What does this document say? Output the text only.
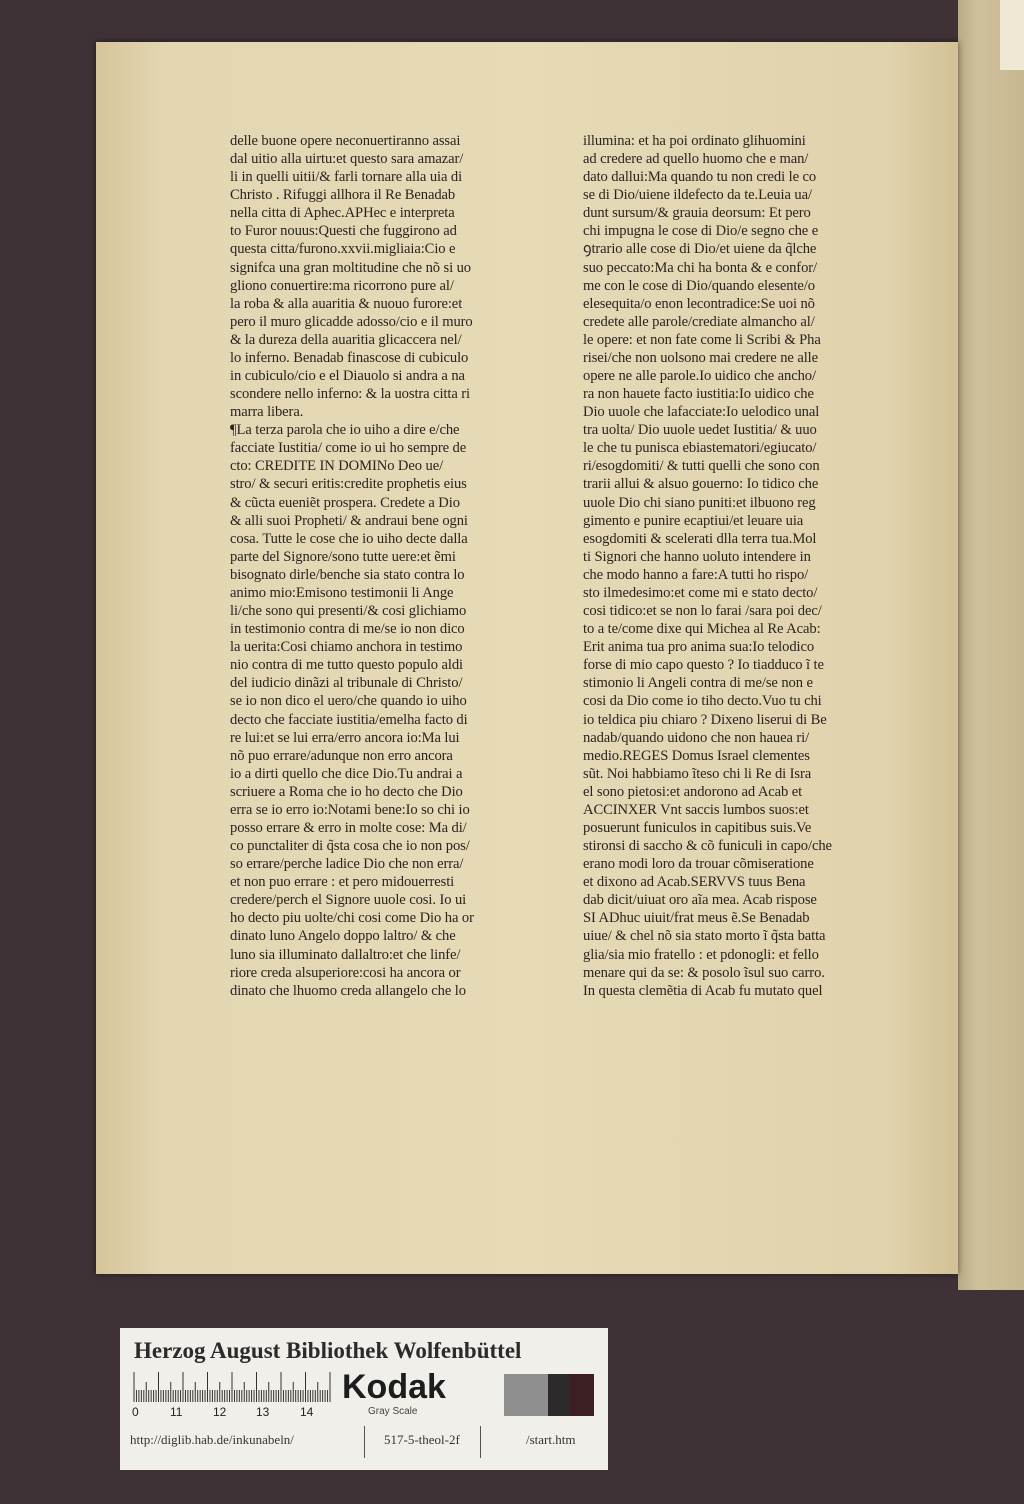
delle buone opere neconuertiranno assai
dal uitio alla uirtu:et questo sara amazar/
li in quelli uitii/& farli tornare alla uia di
Christo . Rifuggi allhora il Re Benadab
nella citta di Aphec.APHec e interpreta
to Furor nouus:Questi che fuggirono ad
questa citta/furono.xxvii.migliaia:Cio e
signifca una gran moltitudine che nõ si uo
gliono conuertire:ma ricorrono pure al/
la roba & alla auaritia & nuouo furore:et
pero il muro glicadde adosso/cio e il muro
& la dureza della auaritia glicaccera nel/
lo inferno. Benadab finascose di cubiculo
in cubiculo/cio e el Diauolo si andra a na
scondere nello inferno: & la uostra citta ri
marra libera.
¶La terza parola che io uiho a dire e/che
facciate Iustitia/ come io ui ho sempre de
cto: CREDITE IN DOMINo Deo ue/
stro/ & securi eritis:credite prophetis eius
& cũcta eueniẽt prospera. Credete a Dio
& alli suoi Propheti/ & andraui bene ogni
cosa. Tutte le cose che io uiho decte dalla
parte del Signore/sono tutte uere:et ẽmi
bisognato dirle/benche sia stato contra lo
animo mio:Emisono testimonii li Ange
li/che sono qui presenti/& cosi glichiamo
in testimonio contra di me/se io non dico
la uerita:Cosi chiamo anchora in testimo
nio contra di me tutto questo populo aldi
del iudicio dinãzi al tribunale di Christo/
se io non dico el uero/che quando io uiho
decto che facciate iustitia/emelha facto di
re lui:et se lui erra/erro ancora io:Ma lui
nõ puo errare/adunque non erro ancora
io a dirti quello che dice Dio.Tu andrai a
scriuere a Roma che io ho decto che Dio
erra se io erro io:Notami bene:Io so chi io
posso errare & erro in molte cose: Ma di/
co punctaliter di q̃sta cosa che io non pos/
so errare/perche ladice Dio che non erra/
et non puo errare : et pero midouerresti
credere/perch el Signore uuole cosi. Io ui
ho decto piu uolte/chi cosi come Dio ha or
dinato luno Angelo doppo laltro/ & che
luno sia illuminato dallaltro:et che linfe/
riore creda alsuperiore:cosi ha ancora or
dinato che lhuomo creda allangelo che lo
illumina: et ha poi ordinato glihuomini
ad credere ad quello huomo che e man/
dato dallui:Ma quando tu non credi le co
se di Dio/uiene ildefecto da te.Leuia ua/
dunt sursum/& grauia deorsum: Et pero
chi impugna le cose di Dio/e segno che e
ꝯtrario alle cose di Dio/et uiene da q̃lche
suo peccato:Ma chi ha bonta & e confor/
me con le cose di Dio/quando elesente/o
elesequita/o enon lecontradice:Se uoi nõ
credete alle parole/crediate almancho al/
le opere: et non fate come li Scribi & Pha
risei/che non uolsono mai credere ne alle
opere ne alle parole.Io uidico che ancho/
ra non hauete facto iustitia:Io uidico che
Dio uuole che lafacciate:Io uelodico unal
tra uolta/ Dio uuole uedet Iustitia/ & uuo
le che tu punisca ebiastematori/egiucato/
ri/esogdomiti/ & tutti quelli che sono con
trarii allui & alsuo gouerno: Io tidico che
uuole Dio chi siano puniti:et ilbuono reg
gimento e punire ecaptiui/et leuare uia
esogdomiti & scelerati dlla terra tua.Mol
ti Signori che hanno uoluto intendere in
che modo hanno a fare:A tutti ho rispo/
sto ilmedesimo:et come mi e stato decto/
cosi tidico:et se non lo farai /sara poi dec/
to a te/come dixe qui Michea al Re Acab:
Erit anima tua pro anima sua:Io telodico
forse di mio capo questo ? Io tiadduco ĩ te
stimonio li Angeli contra di me/se non e
cosi da Dio come io tiho decto.Vuo tu chi
io teldica piu chiaro ? Dixeno liserui di Be
nadab/quando uidono che non hauea ri/
medio.REGES Domus Israel clementes
sũt. Noi habbiamo ĩteso chi li Re di Isra
el sono pietosi:et andorono ad Acab et
ACCINXER Vnt saccis lumbos suos:et
posuerunt funiculos in capitibus suis.Ve
stironsi di saccho & cõ funiculi in capo/che
erano modi loro da trouar cõmiseratione
et dixono ad Acab.SERVVS tuus Bena
dab dicit/uiuat oro aĩa mea. Acab rispose
SI ADhuc uiuit/frat meus ẽ.Se Benadab
uiue/ & chel nõ sia stato morto ĩ q̃sta batta
glia/sia mio fratello : et pdonogli: et fello
menare qui da se: & posolo ĩsul suo carro.
In questa clemẽtia di Acab fu mutato quel
Herzog August Bibliothek Wolfenbüttel
0	11	12 13	14
Kodak
Gray Scale
http://diglib.hab.de/inkunabeln/	517-5-theol-2f	/start.htm
